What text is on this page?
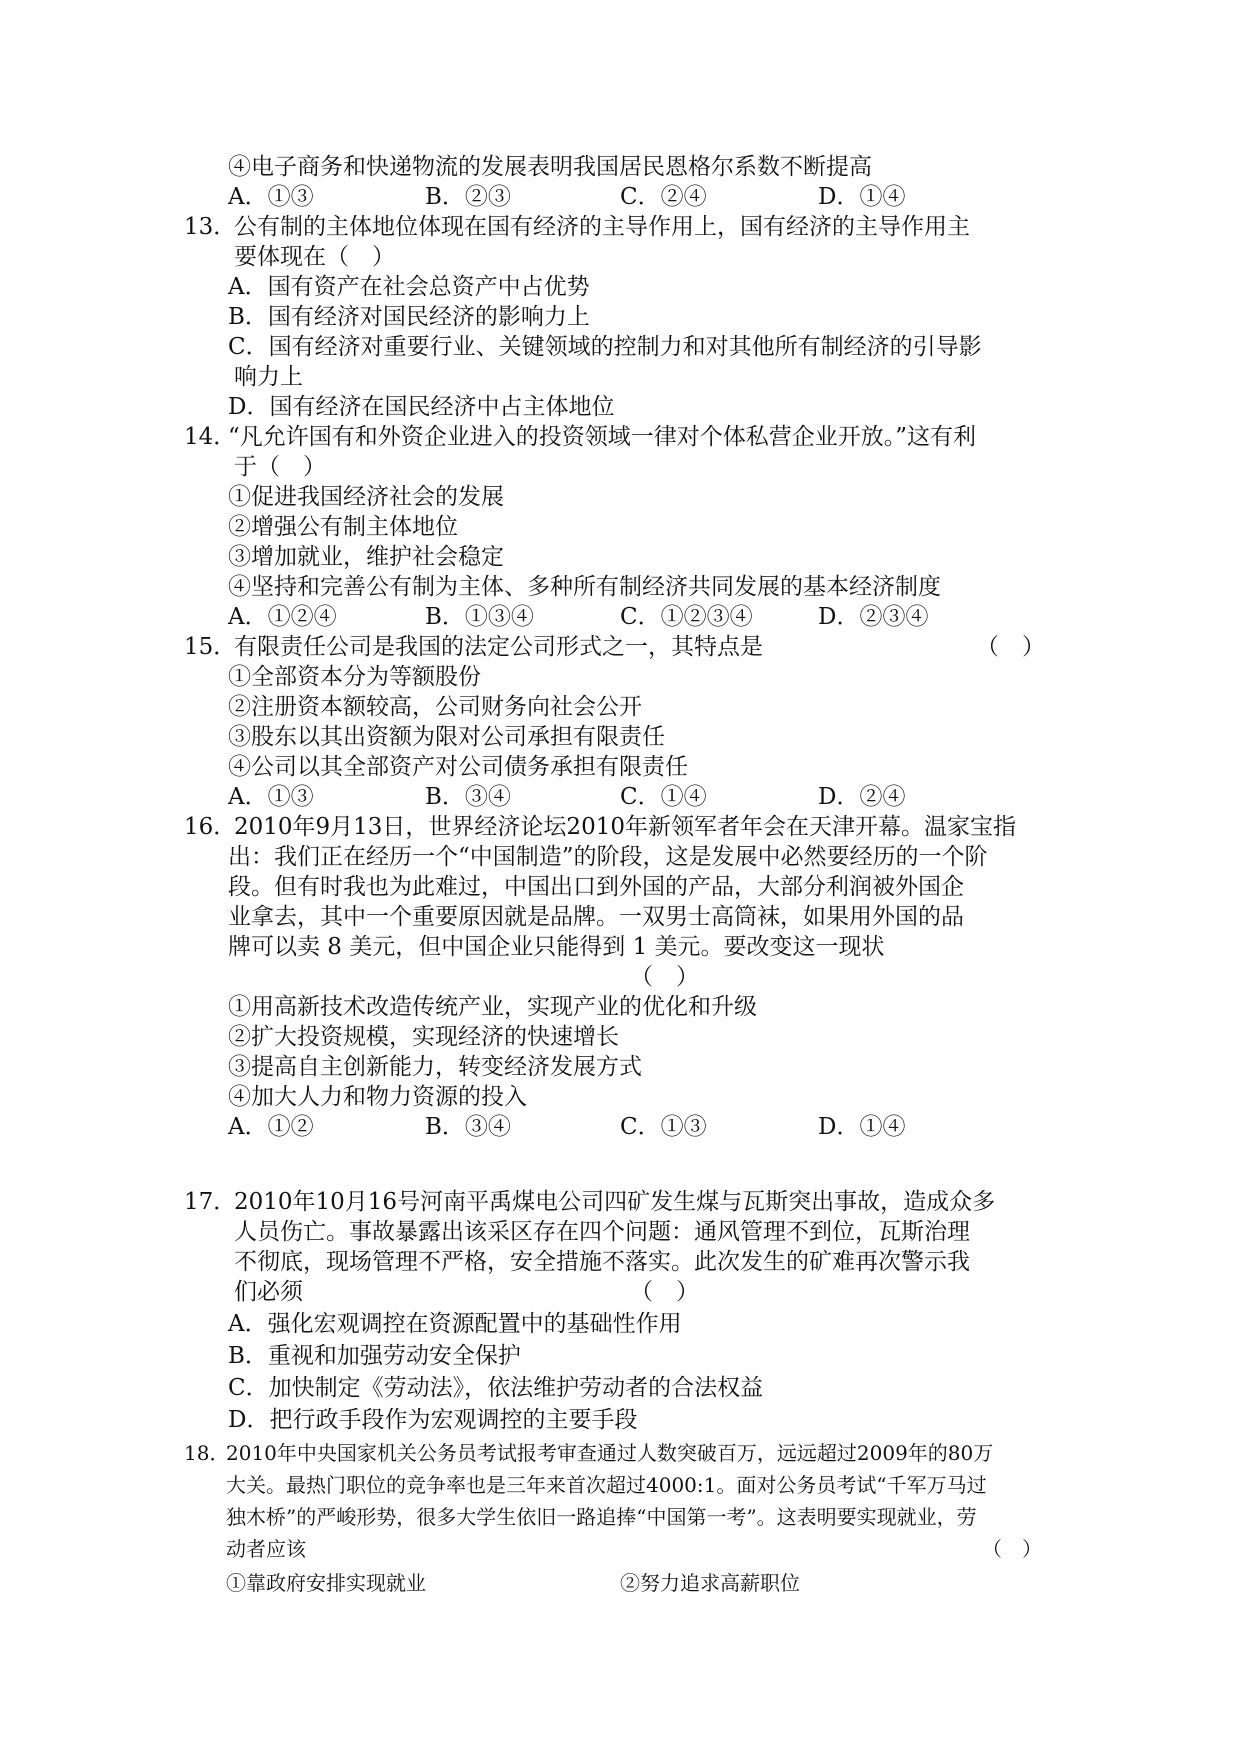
④电子商务和快递物流的发展表明我国居民恩格尔系数不断提高
A．①③	B．②③	C．②④	D．①④
13．
公有制的主体地位体现在国有经济的主导作用上，国有经济的主导作用主
要体现在（　）
A．国有资产在社会总资产中占优势
B．国有经济对国民经济的影响力上
C．国有经济对重要行业、关键领域的控制力和对其他所有制经济的引导影
响力上
D．国有经济在国民经济中占主体地位
14．
“凡允许国有和外资企业进入的投资领域一律对个体私营企业开放。”这有利
于（　）
①促进我国经济社会的发展
②增强公有制主体地位
③增加就业，维护社会稳定
④坚持和完善公有制为主体、多种所有制经济共同发展的基本经济制度
A．①②④	B．①③④	C．①②③④	D．②③④
15．
有限责任公司是我国的法定公司形式之一，其特点是	（　）
①全部资本分为等额股份
②注册资本额较高，公司财务向社会公开
③股东以其出资额为限对公司承担有限责任
④公司以其全部资产对公司债务承担有限责任
A．①③	B．③④	C．①④	D．②④
16．
2010年9月13日，世界经济论坛2010年新领军者年会在天津开幕。温家宝指
出：我们正在经历一个“中国制造”的阶段，这是发展中必然要经历的一个阶
段。但有时我也为此难过，中国出口到外国的产品，大部分利润被外国企
业拿去，其中一个重要原因就是品牌。一双男士高筒袜，如果用外国的品
牌可以卖 8 美元，但中国企业只能得到 1 美元。要改变这一现状
（　）
①用高新技术改造传统产业，实现产业的优化和升级
②扩大投资规模，实现经济的快速增长
③提高自主创新能力，转变经济发展方式
④加大人力和物力资源的投入
A．①②	B．③④	C．①③	D．①④
17．
2010年10月16号河南平禹煤电公司四矿发生煤与瓦斯突出事故，造成众多
人员伤亡。事故暴露出该采区存在四个问题：通风管理不到位，瓦斯治理
不彻底，现场管理不严格，安全措施不落实。此次发生的矿难再次警示我
们必须	（　）
A．强化宏观调控在资源配置中的基础性作用
B．重视和加强劳动安全保护
C．加快制定《劳动法》，依法维护劳动者的合法权益
D．把行政手段作为宏观调控的主要手段
18．
2010年中央国家机关公务员考试报考审查通过人数突破百万，远远超过2009年的80万
大关。最热门职位的竞争率也是三年来首次超过4000:1。面对公务员考试“千军万马过
独木桥”的严峻形势，很多大学生依旧一路追捧“中国第一考”。这表明要实现就业，劳
动者应该	（　）
①靠政府安排实现就业	②努力追求高薪职位
